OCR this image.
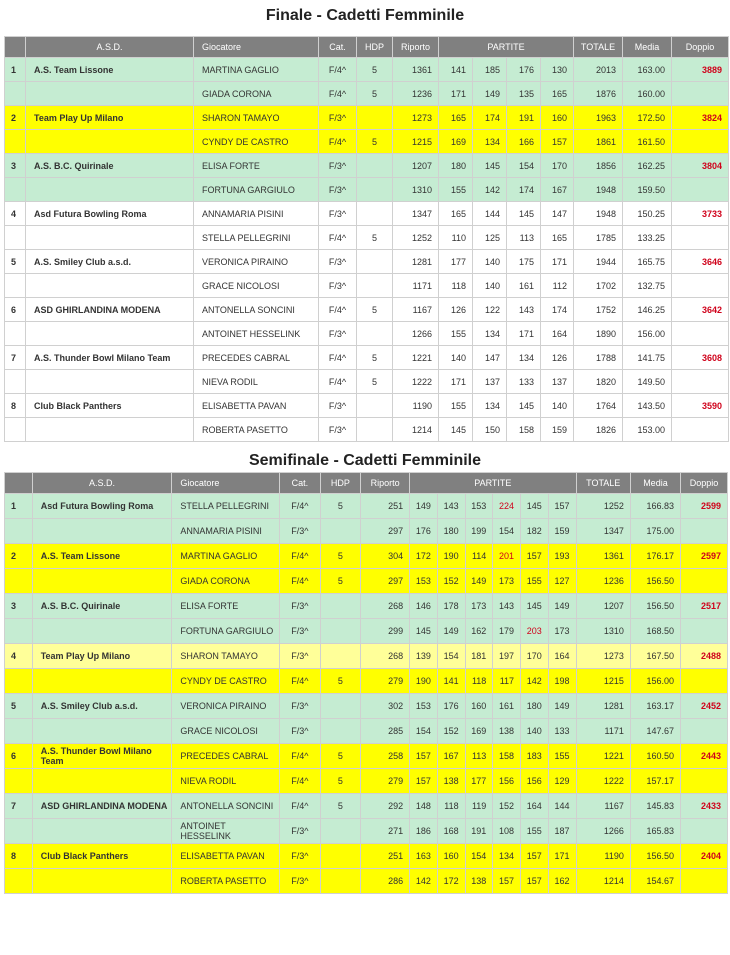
Finale - Cadetti Femminile
	A.S.D.	Giocatore	Cat.	HDP	Riporto	PARTITE				TOTALE	Media	Doppio
1	A.S. Team Lissone	MARTINA GAGLIO	F/4^	5	1361	141	185	176	130	2013	163.00	3889
		GIADA CORONA	F/4^	5	1236	171	149	135	165	1876	160.00	
2	Team Play Up Milano	SHARON TAMAYO	F/3^		1273	165	174	191	160	1963	172.50	3824
		CYNDY DE CASTRO	F/4^	5	1215	169	134	166	157	1861	161.50	
3	A.S. B.C. Quirinale	ELISA FORTE	F/3^		1207	180	145	154	170	1856	162.25	3804
		FORTUNA GARGIULO	F/3^		1310	155	142	174	167	1948	159.50	
4	Asd Futura Bowling Roma	ANNAMARIA PISINI	F/3^		1347	165	144	145	147	1948	150.25	3733
		STELLA PELLEGRINI	F/4^	5	1252	110	125	113	165	1785	133.25	
5	A.S. Smiley Club a.s.d.	VERONICA PIRAINO	F/3^		1281	177	140	175	171	1944	165.75	3646
		GRACE NICOLOSI	F/3^		1171	118	140	161	112	1702	132.75	
6	ASD GHIRLANDINA MODENA	ANTONELLA SONCINI	F/4^	5	1167	126	122	143	174	1752	146.25	3642
		ANTOINET HESSELINK	F/3^		1266	155	134	171	164	1890	156.00	
7	A.S. Thunder Bowl Milano Team	PRECEDES CABRAL	F/4^	5	1221	140	147	134	126	1788	141.75	3608
		NIEVA RODIL	F/4^	5	1222	171	137	133	137	1820	149.50	
8	Club Black Panthers	ELISABETTA PAVAN	F/3^		1190	155	134	145	140	1764	143.50	3590
		ROBERTA PASETTO	F/3^		1214	145	150	158	159	1826	153.00	
Semifinale - Cadetti Femminile
	A.S.D.	Giocatore	Cat.	HDP	Riporto	PARTITE						TOTALE	Media	Doppio
1	Asd Futura Bowling Roma	STELLA PELLEGRINI	F/4^	5	251	149	143	153	224	145	157	1252	166.83	2599
		ANNAMARIA PISINI	F/3^		297	176	180	199	154	182	159	1347	175.00	
2	A.S. Team Lissone	MARTINA GAGLIO	F/4^	5	304	172	190	114	201	157	193	1361	176.17	2597
		GIADA CORONA	F/4^	5	297	153	152	149	173	155	127	1236	156.50	
3	A.S. B.C. Quirinale	ELISA FORTE	F/3^		268	146	178	173	143	145	149	1207	156.50	2517
		FORTUNA GARGIULO	F/3^		299	145	149	162	179	203	173	1310	168.50	
4	Team Play Up Milano	SHARON TAMAYO	F/3^		268	139	154	181	197	170	164	1273	167.50	2488
		CYNDY DE CASTRO	F/4^	5	279	190	141	118	117	142	198	1215	156.00	
5	A.S. Smiley Club a.s.d.	VERONICA PIRAINO	F/3^		302	153	176	160	161	180	149	1281	163.17	2452
		GRACE NICOLOSI	F/3^		285	154	152	169	138	140	133	1171	147.67	
6	A.S. Thunder Bowl Milano Team	PRECEDES CABRAL	F/4^	5	258	157	167	113	158	183	155	1221	160.50	2443
		NIEVA RODIL	F/4^	5	279	157	138	177	156	156	129	1222	157.17	
7	ASD GHIRLANDINA MODENA	ANTONELLA SONCINI	F/4^	5	292	148	118	119	152	164	144	1167	145.83	2433
		ANTOINET HESSELINK	F/3^		271	186	168	191	108	155	187	1266	165.83	
8	Club Black Panthers	ELISABETTA PAVAN	F/3^		251	163	160	154	134	157	171	1190	156.50	2404
		ROBERTA PASETTO	F/3^		286	142	172	138	157	157	162	1214	154.67	
